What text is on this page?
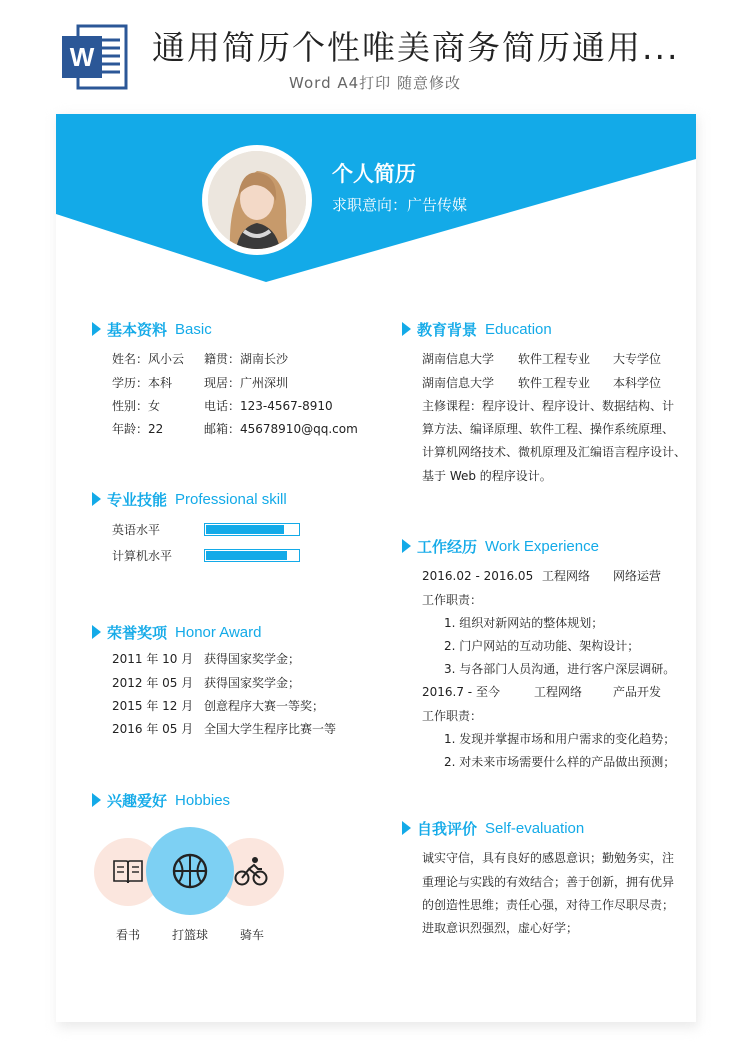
W 通用简历个性唯美商务简历通用...
Word A4打印 随意修改
个人简历
求职意向：广告传媒
基本资料 Basic
姓名：风小云
学历：本科
性别：女
年龄：22
籍贯：湖南长沙
现居：广州深圳
电话：123-4567-8910
邮箱：45678910@qq.com
专业技能 Professional skill
英语水平
计算机水平
荣誉奖项 Honor Award
2011 年 10 月 获得国家奖学金；
2012 年 05 月 获得国家奖学金；
2015 年 12 月 创意程序大赛一等奖；
2016 年 05 月 全国大学生程序比赛一等
兴趣爱好 Hobbies
看书	打篮球	骑车
教育背景 Education
湖南信息大学 软件工程专业 大专学位
湖南信息大学 软件工程专业 本科学位
主修课程：程序设计、程序设计、数据结构、计
算方法、编译原理、软件工程、操作系统原理、
计算机网络技术、微机原理及汇编语言程序设计、
基于 Web 的程序设计。
工作经历 Work Experience
2016.02 - 2016.05 工程网络 网络运营
工作职责：
1. 组织对新网站的整体规划；
2. 门户网站的互动功能、架构设计；
3. 与各部门人员沟通，进行客户深层调研。
2016.7 - 至今	工程网络	产品开发
工作职责：
1. 发现并掌握市场和用户需求的变化趋势；
2. 对未来市场需要什么样的产品做出预测；
自我评价 Self-evaluation
诚实守信，具有良好的感恩意识；勤勉务实，注
重理论与实践的有效结合；善于创新，拥有优异
的创造性思维；责任心强，对待工作尽职尽责；
进取意识烈强烈，虚心好学；
